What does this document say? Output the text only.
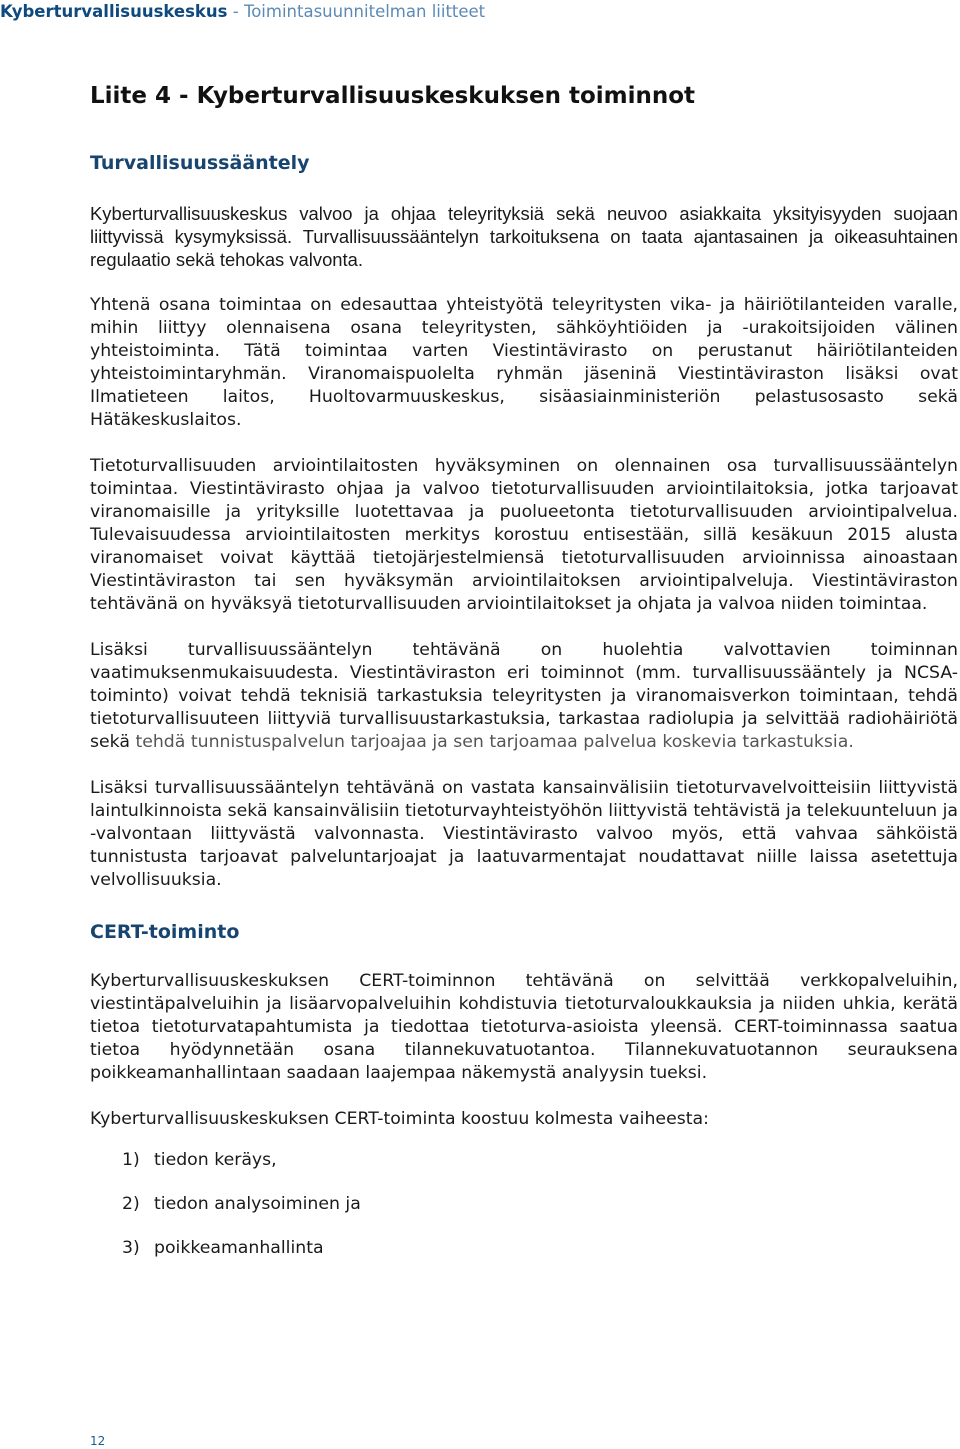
Kyberturvallisuuskeskus - Toimintasuunnitelman liitteet
Liite 4 - Kyberturvallisuuskeskuksen toiminnot
Turvallisuussääntely

Kyberturvallisuuskeskus valvoo ja ohjaa teleyrityksiä sekä neuvoo asiakkaita yksityisyyden suojaan liittyvissä kysymyksissä. Turvallisuussääntelyn tarkoituksena on taata ajantasainen ja oikeasuhtainen regulaatio sekä tehokas valvonta.

Yhtenä osana toimintaa on edesauttaa yhteistyötä teleyritysten vika- ja häiriötilanteiden varalle, mihin liittyy olennaisena osana teleyritysten, sähköyhtiöiden ja -urakoitsijoiden välinen yhteistoiminta. Tätä toimintaa varten Viestintävirasto on perustanut häiriötilanteiden yhteistoimintaryhmän. Viranomaispuolelta ryhmän jäseninä Viestintäviraston lisäksi ovat Ilmatieteen laitos, Huoltovarmuuskeskus, sisäasiainministeriön pelastusosasto sekä Hätäkeskuslaitos.

Tietoturvallisuuden arviointilaitosten hyväksyminen on olennainen osa turvallisuussääntelyn toimintaa. Viestintävirasto ohjaa ja valvoo tietoturvallisuuden arviointilaitoksia, jotka tarjoavat viranomaisille ja yrityksille luotettavaa ja puolueetonta tietoturvallisuuden arviointipalvelua. Tulevaisuudessa arviointilaitosten merkitys korostuu entisestään, sillä kesäkuun 2015 alusta viranomaiset voivat käyttää tietojärjestelmiensä tietoturvallisuuden arvioinnissa ainoastaan Viestintäviraston tai sen hyväksymän arviointilaitoksen arviointipalveluja. Viestintäviraston tehtävänä on hyväksyä tietoturvallisuuden arviointilaitokset ja ohjata ja valvoa niiden toimintaa.

Lisäksi turvallisuussääntelyn tehtävänä on huolehtia valvottavien toiminnan vaatimuksenmukaisuudesta. Viestintäviraston eri toiminnot (mm. turvallisuussääntely ja NCSA-toiminto) voivat tehdä teknisiä tarkastuksia teleyritysten ja viranomaisverkon toimintaan, tehdä tietoturvallisuuteen liittyviä turvallisuustarkastuksia, tarkastaa radiolupia ja selvittää radiohäiriötä sekä tehdä tunnistuspalvelun tarjoajaa ja sen tarjoamaa palvelua koskevia tarkastuksia.

Lisäksi turvallisuussääntelyn tehtävänä on vastata kansainvälisiin tietoturvavelvoitteisiin liittyvistä laintulkinnoista sekä kansainvälisiin tietoturvayhteistyöhön liittyvistä tehtävistä ja telekuunteluun ja -valvontaan liittyvästä valvonnasta. Viestintävirasto valvoo myös, että vahvaa sähköistä tunnistusta tarjoavat palveluntarjoajat ja laatuvarmentajat noudattavat niille laissa asetettuja velvollisuuksia.

CERT-toiminto

Kyberturvallisuuskeskuksen CERT-toiminnon tehtävänä on selvittää verkkopalveluihin, viestintäpalveluihin ja lisäarvopalveluihin kohdistuvia tietoturvaloukkauksia ja niiden uhkia, kerätä tietoa tietoturvatapahtumista ja tiedottaa tietoturva-asioista yleensä. CERT-toiminnassa saatua tietoa hyödynnetään osana tilannekuvatuotantoa. Tilannekuvatuotannon seurauksena poikkeamanhallintaan saadaan laajempaa näkemystä analyysin tueksi.

Kyberturvallisuuskeskuksen CERT-toiminta koostuu kolmesta vaiheesta:

1) tiedon keräys,
2) tiedon analysoiminen ja
3) poikkeamanhallinta
12
